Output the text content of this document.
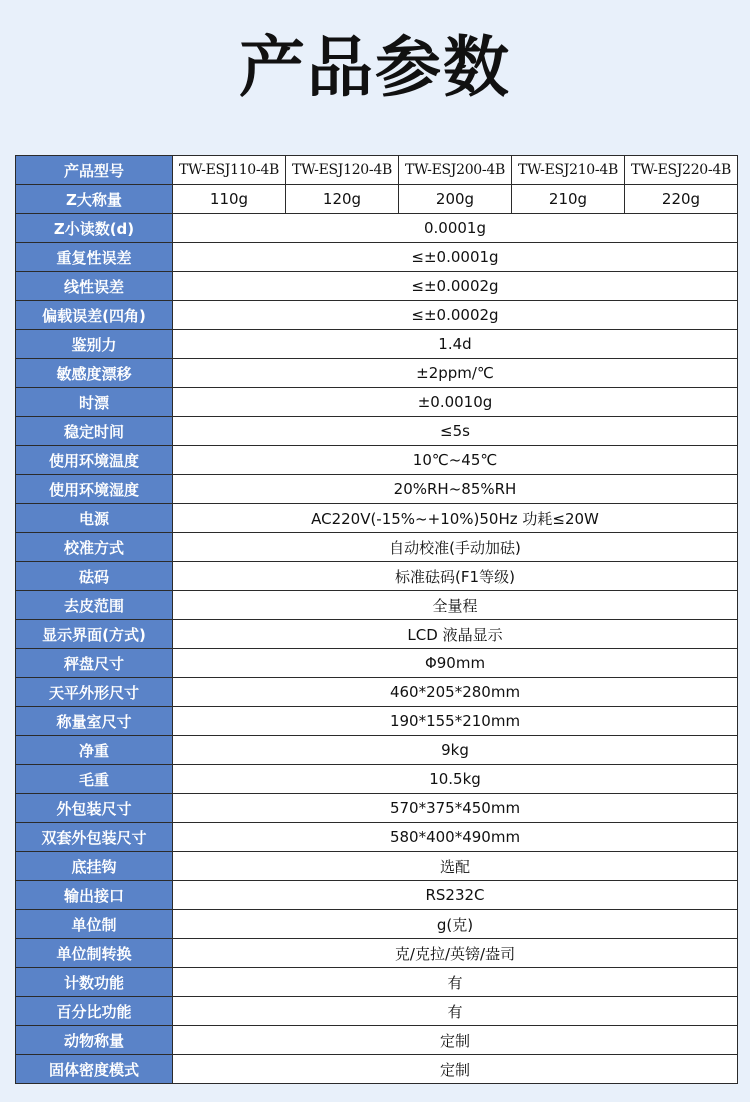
产品参数
产品型号	TW-ESJ110-4B	TW-ESJ120-4B	TW-ESJ200-4B	TW-ESJ210-4B	TW-ESJ220-4B
Z大称量	110g	120g	200g	210g	220g
Z小读数(d)	0.0001g				
重复性误差	≤±0.0001g				
线性误差	≤±0.0002g				
偏载误差(四角)	≤±0.0002g				
鉴别力	1.4d				
敏感度漂移	±2ppm/℃				
时漂	±0.0010g				
稳定时间	≤5s				
使用环境温度	10℃~45℃				
使用环境湿度	20%RH~85%RH				
电源	AC220V(-15%~+10%)50Hz 功耗≤20W				
校准方式	自动校准(手动加砝)				
砝码	标准砝码(F1等级)				
去皮范围	全量程				
显示界面(方式)	LCD 液晶显示				
秤盘尺寸	Φ90mm				
天平外形尺寸	460*205*280mm				
称量室尺寸	190*155*210mm				
净重	9kg				
毛重	10.5kg				
外包装尺寸	570*375*450mm				
双套外包装尺寸	580*400*490mm				
底挂钩	选配				
输出接口	RS232C				
单位制	g(克)				
单位制转换	克/克拉/英镑/盎司				
计数功能	有				
百分比功能	有				
动物称量	定制				
固体密度模式	定制				
